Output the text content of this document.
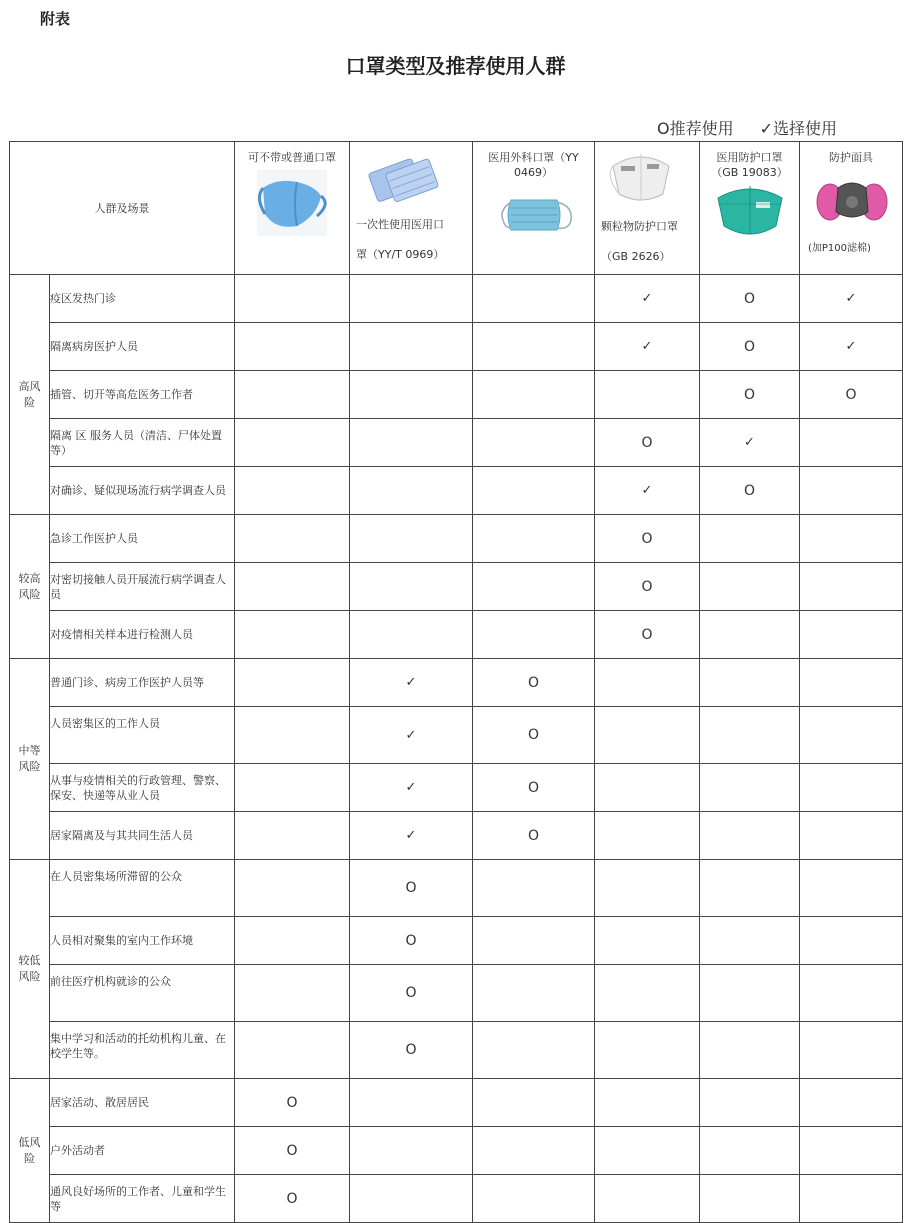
附表
口罩类型及推荐使用人群
O推荐使用 ✓选择使用
人群及场景		可不带或普通口罩	一次性使用医用口
罩（YY/T 0969）	医用外科口罩（YY
0469）	颗粒物防护口罩
（GB 2626）	医用防护口罩
（GB 19083）	防护面具
(加P100滤棉)

高风险	疫区发热门诊				✓	O	✓
	隔离病房医护人员				✓	O	✓
	插管、切开等高危医务工作者					O	O
	隔离 区 服务人员（清洁、尸体处置等）				O	✓	
	对确诊、疑似现场流行病学调查人员				✓	O	
较高风险	急诊工作医护人员				O		
	对密切接触人员开展流行病学调查人员				O		
	对疫情相关样本进行检测人员				O		
中等风险	普通门诊、病房工作医护人员等		✓	O			
	人员密集区的工作人员		✓	O			
	从事与疫情相关的行政管理、警察、保安、快递等从业人员		✓	O			
	居家隔离及与其共同生活人员		✓	O			
较低风险	在人员密集场所滞留的公众		O				
	人员相对聚集的室内工作环境		O				
	前往医疗机构就诊的公众		O				
	集中学习和活动的托幼机构儿童、在校学生等。		O				
低风险	居家活动、散居居民	O					
	户外活动者	O					
	通风良好场所的工作者、儿童和学生等	O					
